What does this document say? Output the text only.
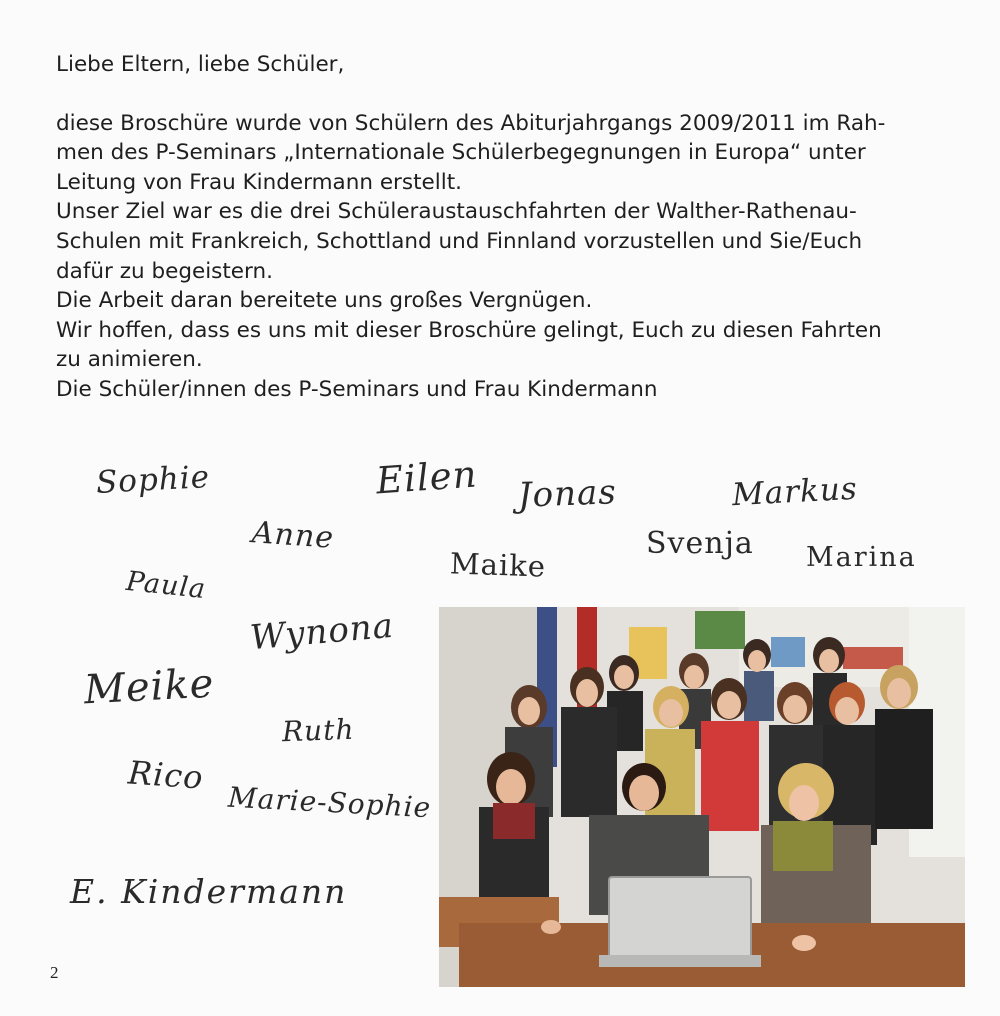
Liebe Eltern, liebe Schüler,

diese Broschüre wurde von Schülern des Abiturjahrgangs 2009/2011 im Rah-

men des P-Seminars „Internationale Schülerbegegnungen in Europa“ unter

Leitung von Frau Kindermann erstellt.

Unser Ziel war es die drei Schüleraustauschfahrten der Walther-Rathenau-

Schulen mit Frankreich, Schottland und Finnland vorzustellen und Sie/Euch

dafür zu begeistern.

Die Arbeit daran bereitete uns großes Vergnügen.

Wir hoffen, dass es uns mit dieser Broschüre gelingt, Euch zu diesen Fahrten

zu animieren.

Die Schüler/innen des P-Seminars und Frau Kindermann

Sophie	Eilen Jonas	Markus
Anne
Maike
Svenja Marina
Paula
Wynona
Meike
Ruth
Rico
Marie-Sophie
E. Kindermann
2
